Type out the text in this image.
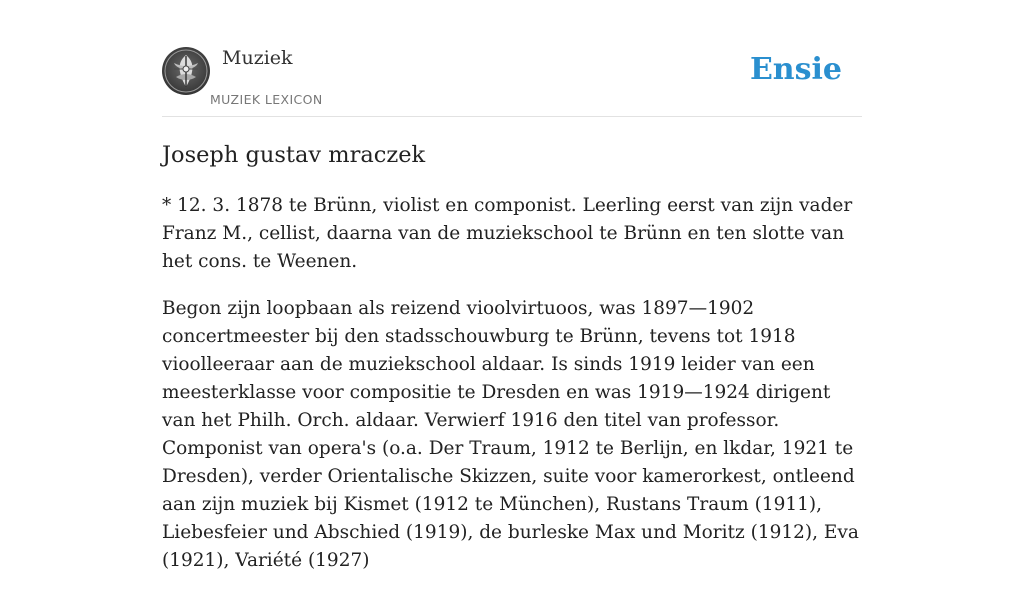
Muziek
MUZIEK LEXICON
Ensie
Joseph gustav mraczek

* 12. 3. 1878 te Brünn, violist en componist. Leerling eerst van zijn vader Franz M., cellist, daarna van de muziekschool te Brünn en ten slotte van het cons. te Weenen.

Begon zijn loopbaan als reizend vioolvirtuoos, was 1897—1902 concertmeester bij den stadsschouwburg te Brünn, tevens tot 1918 vioolleeraar aan de muziekschool aldaar. Is sinds 1919 leider van een meesterklasse voor compositie te Dresden en was 1919—1924 dirigent van het Philh. Orch. aldaar. Verwierf 1916 den titel van professor. Componist van opera's (o.a. Der Traum, 1912 te Berlijn, en lkdar, 1921 te Dresden), verder Orientalische Skizzen, suite voor kamerorkest, ontleend aan zijn muziek bij Kismet (1912 te München), Rustans Traum (1911), Liebesfeier und Abschied (1919), de burleske Max und Moritz (1912), Eva (1921), Variété (1927)
